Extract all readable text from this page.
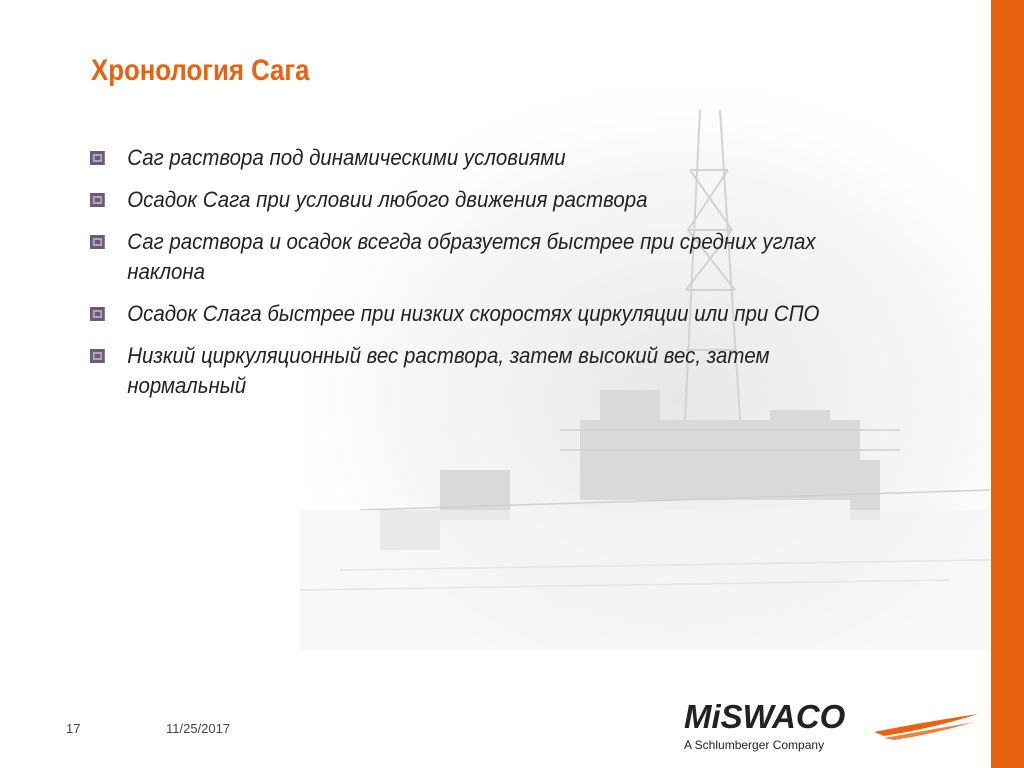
Хронология Сага
Саг раствора под динамическими условиями
Осадок Сага при условии любого движения раствора
Саг раствора и осадок всегда образуется быстрее при средних углах наклона
Осадок Слага быстрее при низких скоростях циркуляции или при СПО
Низкий циркуляционный вес раствора, затем высокий вес, затем нормальный
17	11/25/2017	MiSWACO
A Schlumberger Company
